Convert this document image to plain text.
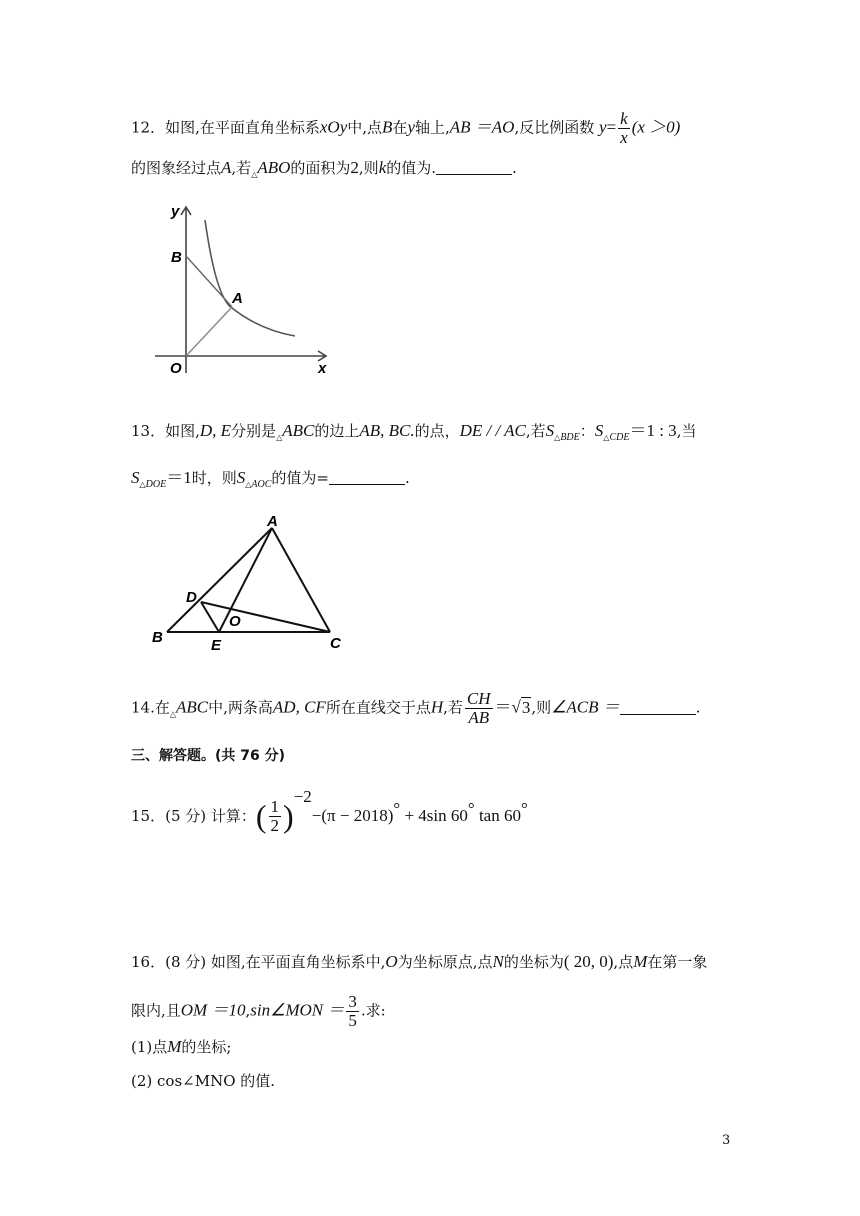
12．如图,在平面直角坐标系xOy中,点B在y轴上,AB ＝AO,反比例函数 $y= \frac{k}{x} (x >0)$
的图象经过点A,若$_\triangle$ABO的面积为2,则k的值为.	.
y
B
A
O	x
13．如图,D, E分别是$_\triangle$ABC的边上AB, BC.的点，DE / / AC,若$S_{\triangle BDE}$：$S_{\triangle CDE}=1$ : 3,当
$S_{\triangle DOE}=1$时，则$S_{\triangle AOC}$的值为=	.
A
D
O
B	E	C
14.在$_\triangle$ABC中,两条高AD, CF所在直线交于点H,若 $\frac{CH}{AB} =√3$,则∠ACB ＝	.
三、解答题。(共 76 分)
15．(5 分) 计算：( $\frac{1}{2} )^{-2}-(\pi - 2018)^\circ + 4\sin$ 60° tan 60°
16．(8 分) 如图,在平面直角坐标系中,O为坐标原点,点N的坐标为( 20, 0),点M在第一象
限内,且OM ＝10,sin∠MON ＝ $\frac{3}{5}$ .求:
(1)点M的坐标;
(2) cos∠MNO 的值.
3
